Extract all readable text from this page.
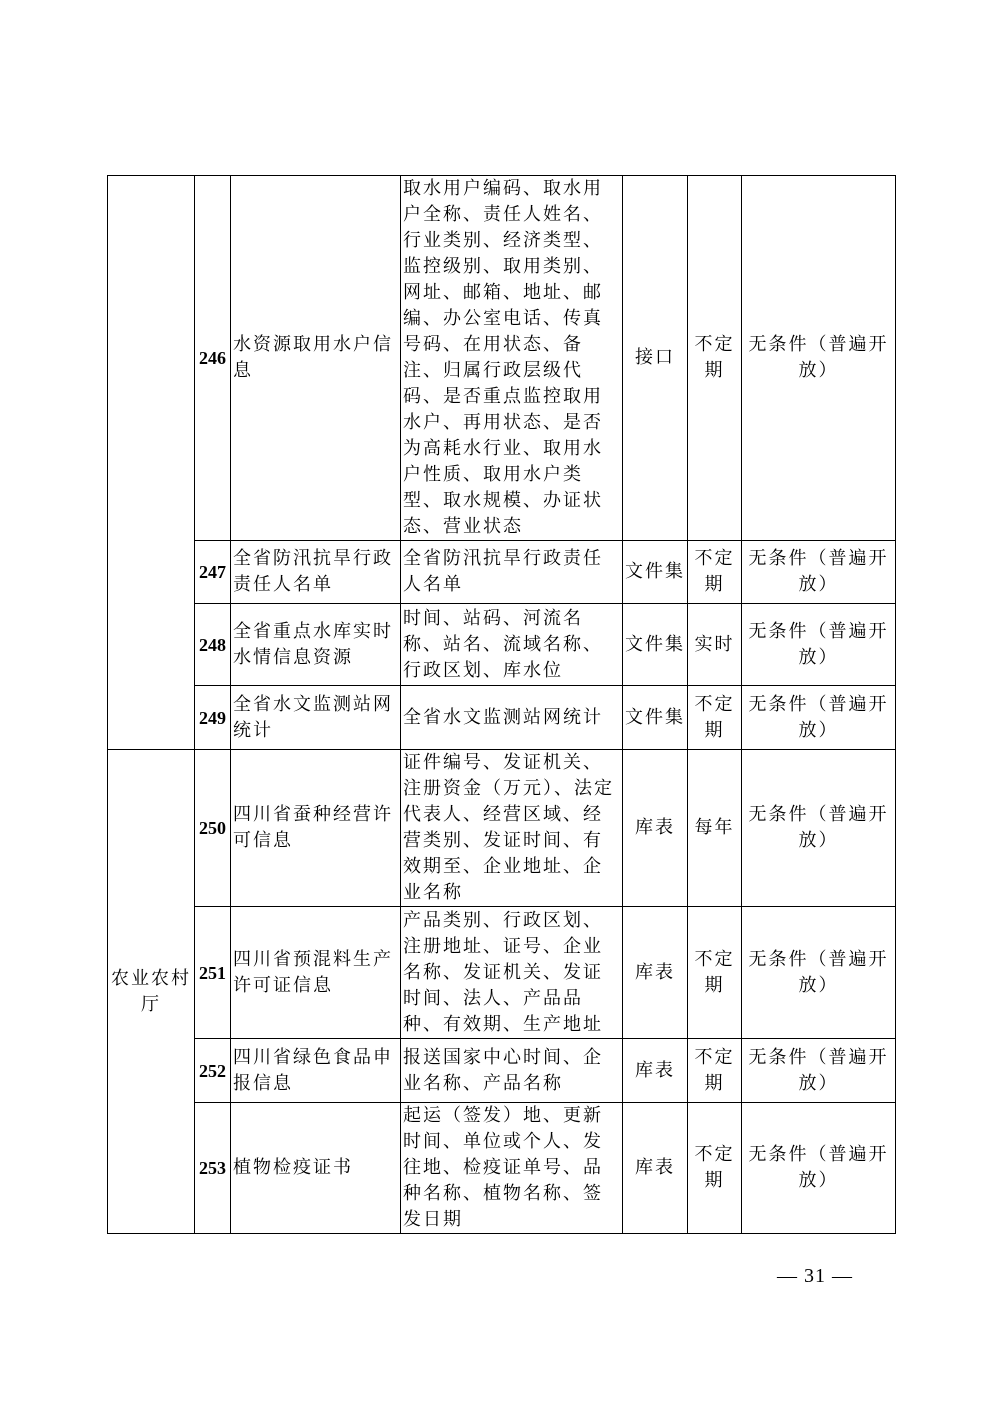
	246	水资源取用水户信息	取水用户编码、取水用户全称、责任人姓名、行业类别、经济类型、监控级别、取用类别、网址、邮箱、地址、邮编、办公室电话、传真号码、在用状态、备注、归属行政层级代码、是否重点监控取用水户、再用状态、是否为高耗水行业、取用水户性质、取用水户类型、取水规模、办证状态、营业状态	接口	不定期	无条件（普遍开放）
	247	全省防汛抗旱行政责任人名单	全省防汛抗旱行政责任人名单	文件集	不定期	无条件（普遍开放）
	248	全省重点水库实时水情信息资源	时间、站码、河流名称、站名、流域名称、行政区划、库水位	文件集	实时	无条件（普遍开放）
	249	全省水文监测站网统计	全省水文监测站网统计	文件集	不定期	无条件（普遍开放）
农业农村厅	250	四川省蚕种经营许可信息	证件编号、发证机关、注册资金（万元）、法定代表人、经营区域、经营类别、发证时间、有效期至、企业地址、企业名称	库表	每年	无条件（普遍开放）
	251	四川省预混料生产许可证信息	产品类别、行政区划、注册地址、证号、企业名称、发证机关、发证时间、法人、产品品种、有效期、生产地址	库表	不定期	无条件（普遍开放）
	252	四川省绿色食品申报信息	报送国家中心时间、企业名称、产品名称	库表	不定期	无条件（普遍开放）
	253	植物检疫证书	起运（签发）地、更新时间、单位或个人、发往地、检疫证单号、品种名称、植物名称、签发日期	库表	不定期	无条件（普遍开放）
— 31 —
